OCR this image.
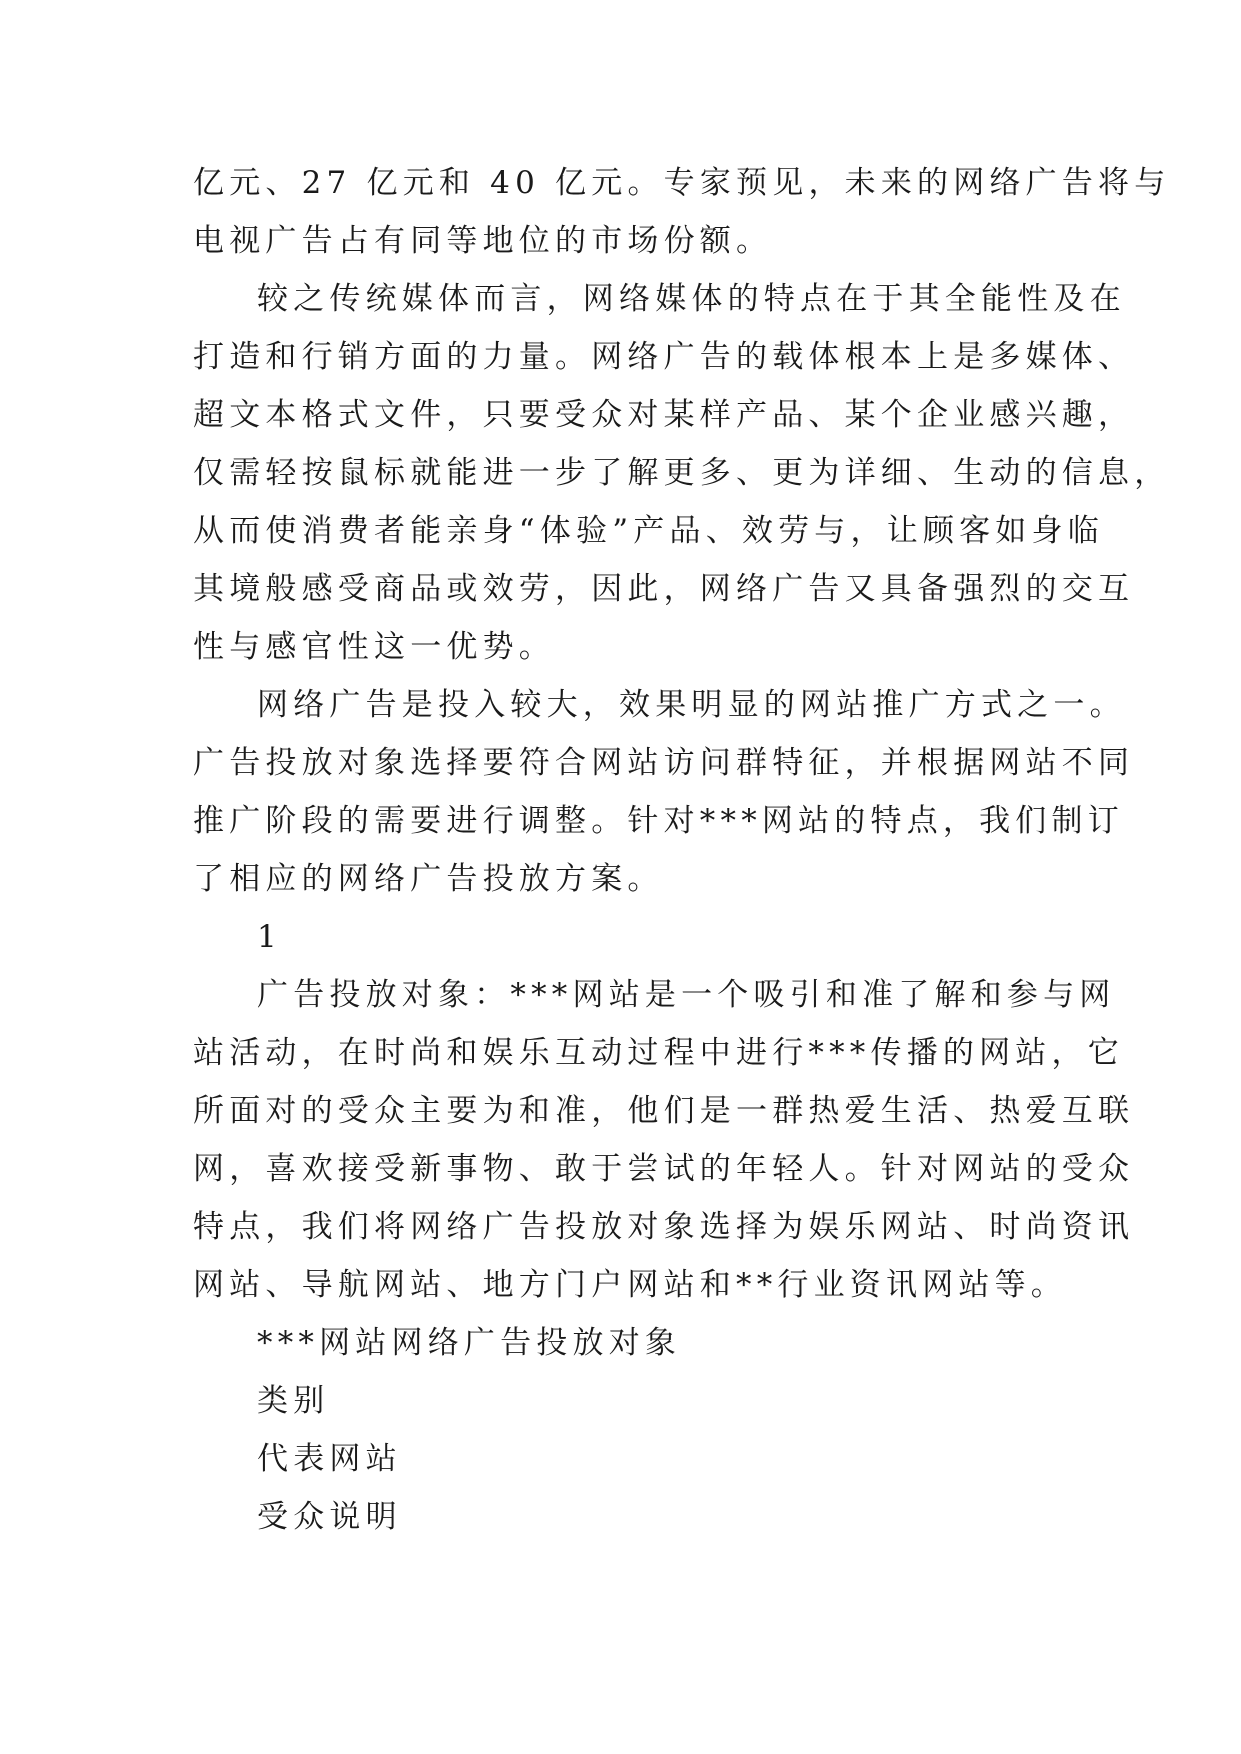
亿元、27 亿元和 40 亿元。专家预见，未来的网络广告将与
电视广告占有同等地位的市场份额。
较之传统媒体而言，网络媒体的特点在于其全能性及在
打造和行销方面的力量。网络广告的载体根本上是多媒体、
超文本格式文件，只要受众对某样产品、某个企业感兴趣，
仅需轻按鼠标就能进一步了解更多、更为详细、生动的信息，
从而使消费者能亲身“体验”产品、效劳与，让顾客如身临
其境般感受商品或效劳，因此，网络广告又具备强烈的交互
性与感官性这一优势。
网络广告是投入较大，效果明显的网站推广方式之一。
广告投放对象选择要符合网站访问群特征，并根据网站不同
推广阶段的需要进行调整。针对***网站的特点，我们制订
了相应的网络广告投放方案。
1
广告投放对象：***网站是一个吸引和准了解和参与网
站活动，在时尚和娱乐互动过程中进行***传播的网站，它
所面对的受众主要为和准，他们是一群热爱生活、热爱互联
网，喜欢接受新事物、敢于尝试的年轻人。针对网站的受众
特点，我们将网络广告投放对象选择为娱乐网站、时尚资讯
网站、导航网站、地方门户网站和**行业资讯网站等。
***网站网络广告投放对象
类别
代表网站
受众说明
